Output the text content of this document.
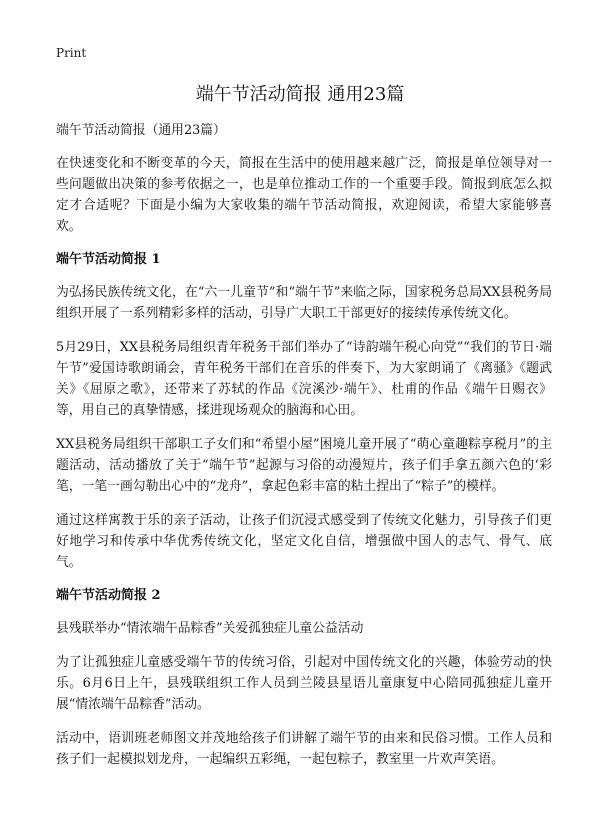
Print
端午节活动简报 通用23篇

端午节活动简报（通用23篇）

在快速变化和不断变革的今天，简报在生活中的使用越来越广泛，简报是单位领导对一些问题做出决策的参考依据之一，也是单位推动工作的一个重要手段。简报到底怎么拟定才合适呢？下面是小编为大家收集的端午节活动简报，欢迎阅读，希望大家能够喜欢。

端午节活动简报 1

为弘扬民族传统文化，在“六一儿童节”和“端午节”来临之际，国家税务总局XX县税务局组织开展了一系列精彩多样的活动，引导广大职工干部更好的接续传承传统文化。

5月29日，XX县税务局组织青年税务干部们举办了“诗韵端午税心向党”“我们的节日·端午节”爱国诗歌朗诵会，青年税务干部们在音乐的伴奏下，为大家朗诵了《离骚》《题武关》《屈原之歌》，还带来了苏轼的作品《浣溪沙·端午》、杜甫的作品《端午日赐衣》等，用自己的真挚情感，揉进现场观众的脑海和心田。

XX县税务局组织干部职工子女们和“希望小屋”困境儿童开展了“萌心童趣粽享税月”的主题活动，活动播放了关于“端午节”起源与习俗的动漫短片，孩子们手拿五颜六色的‘彩笔，一笔一画勾勒出心中的“龙舟”，拿起色彩丰富的粘土捏出了“粽子”的模样。

通过这样寓教于乐的亲子活动，让孩子们沉浸式感受到了传统文化魅力，引导孩子们更好地学习和传承中华优秀传统文化，坚定文化自信，增强做中国人的志气、骨气、底气。

端午节活动简报 2

县残联举办“情浓端午品粽香”关爱孤独症儿童公益活动

为了让孤独症儿童感受端午节的传统习俗，引起对中国传统文化的兴趣，体验劳动的快乐。6月6日上午，县残联组织工作人员到兰陵县星语儿童康复中心陪同孤独症儿童开展“情浓端午品粽香”活动。

活动中，语训班老师图文并茂地给孩子们讲解了端午节的由来和民俗习惯。工作人员和孩子们一起模拟划龙舟，一起编织五彩绳，一起包粽子，教室里一片欢声笑语。
